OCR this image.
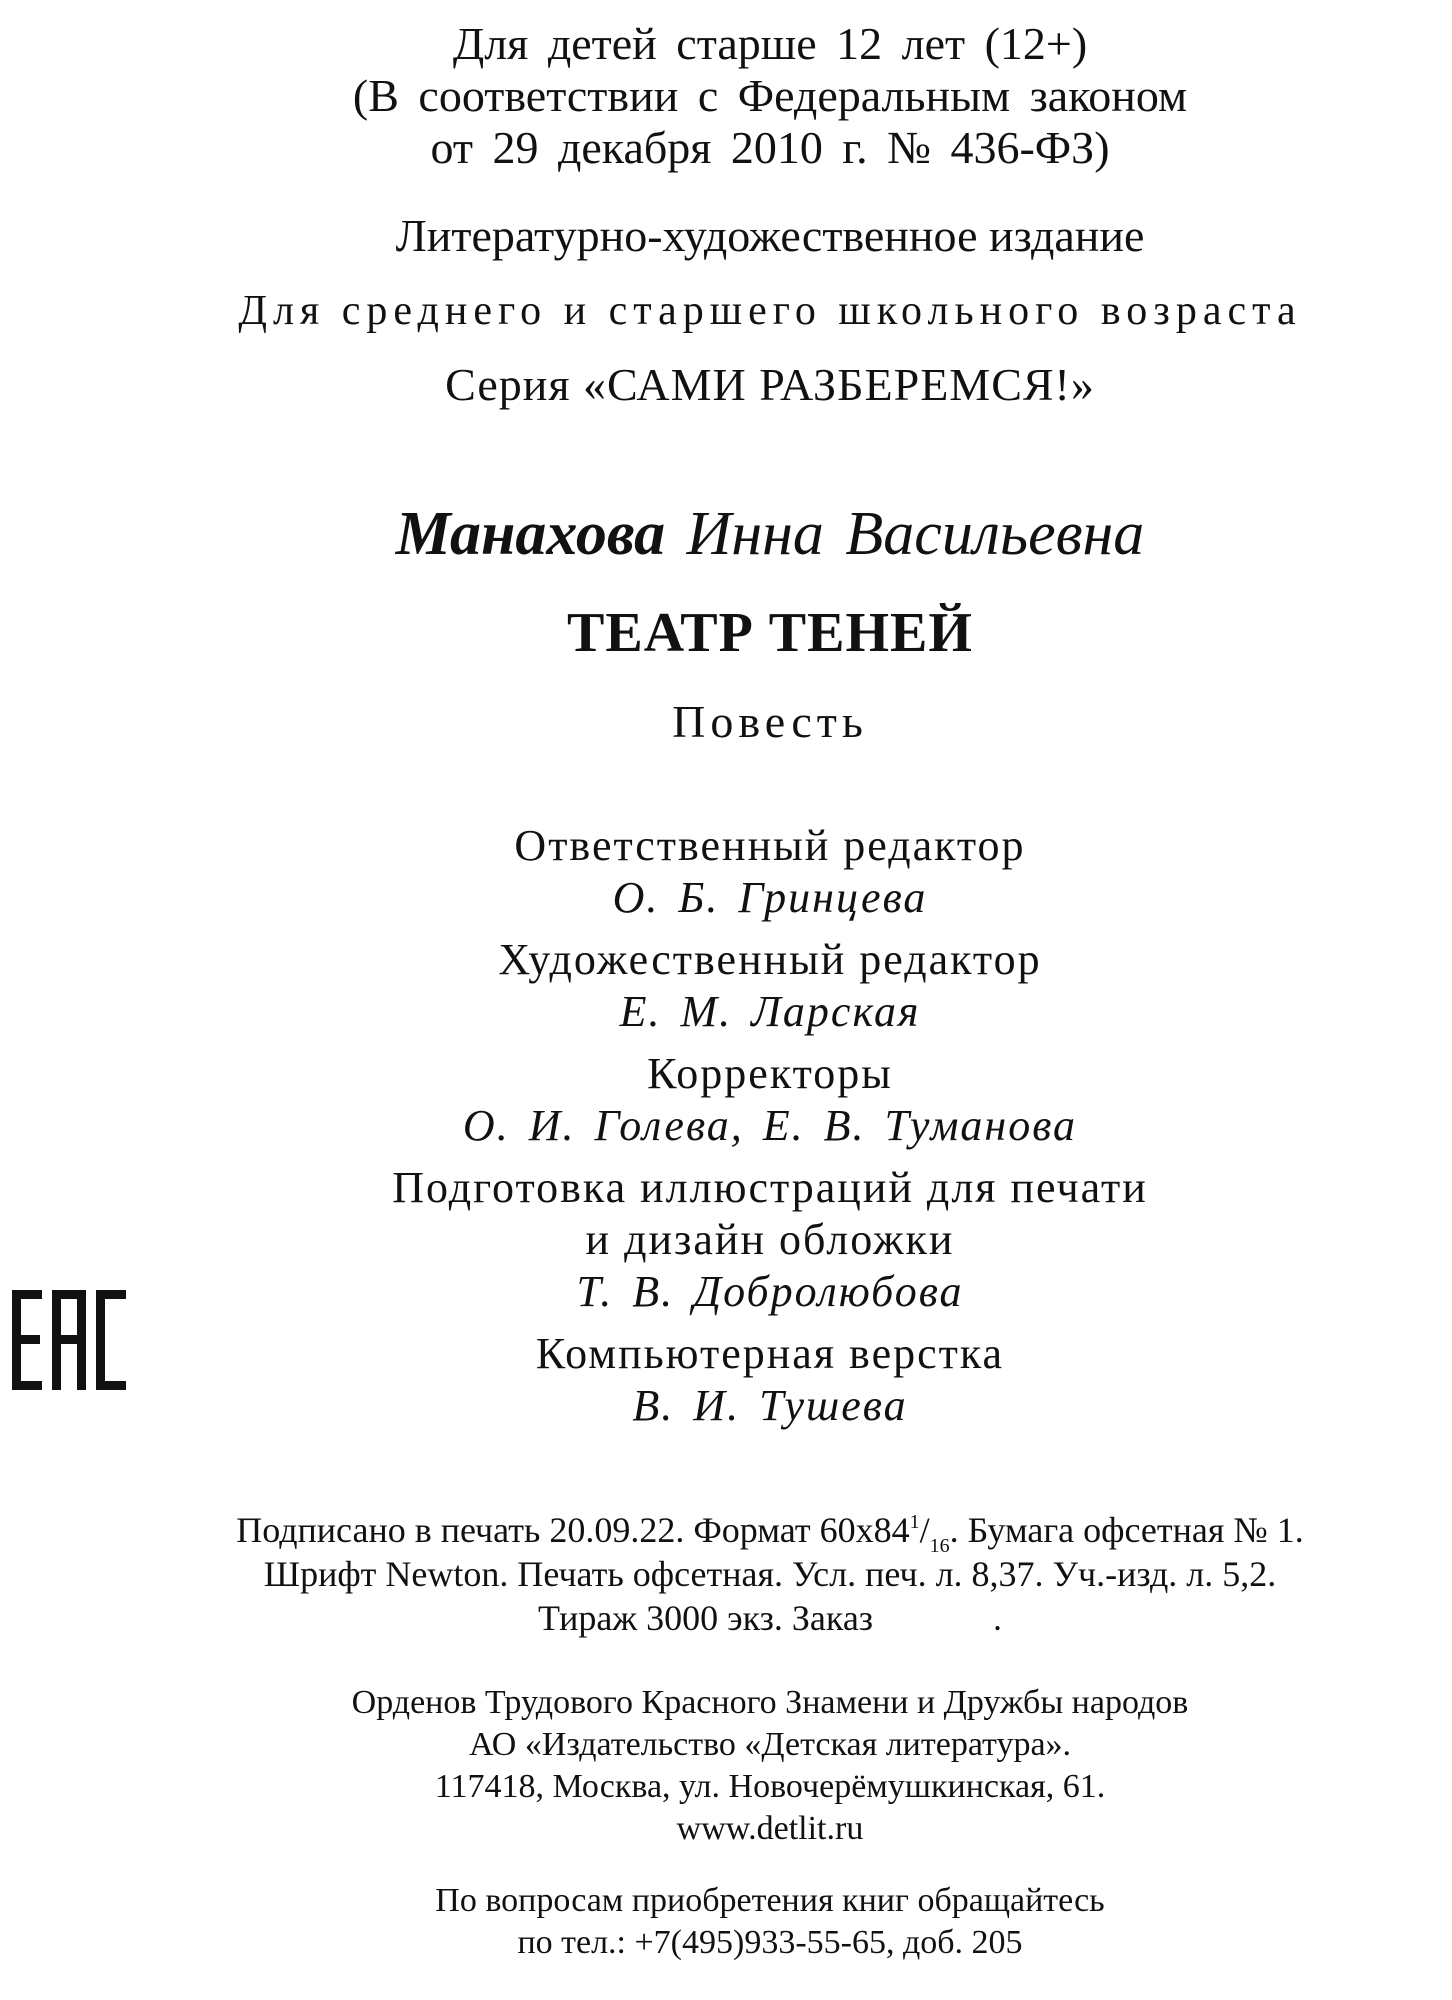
Для детей старше 12 лет (12+)
(В соответствии с Федеральным законом
от 29 декабря 2010 г. № 436-ФЗ)
Литературно-художественное издание
Для среднего и старшего школьного возраста
Серия «САМИ РАЗБЕРЕМСЯ!»
Манахова Инна Васильевна
ТЕАТР ТЕНЕЙ
Повесть
Ответственный редактор
О. Б. Гринцева
Художественный редактор
Е. М. Ларская
Корректоры
О. И. Голева, Е. В. Туманова
Подготовка иллюстраций для печати
и дизайн обложки
Т. В. Добролюбова
Компьютерная верстка
В. И. Тушева
Подписано в печать 20.09.22. Формат $60х84^1/_{16}$. Бумага офсетная № 1.
Шрифт Newton. Печать офсетная. Усл. печ. л. 8,37. Уч.-изд. л. 5,2.
Тираж 3000 экз. Заказ	.
Орденов Трудового Красного Знамени и Дружбы народов
АО «Издательство «Детская литература».
117418, Москва, ул. Новочерёмушкинская, 61.
www.detlit.ru
По вопросам приобретения книг обращайтесь
по тел.: +7(495)933-55-65, доб. 205
